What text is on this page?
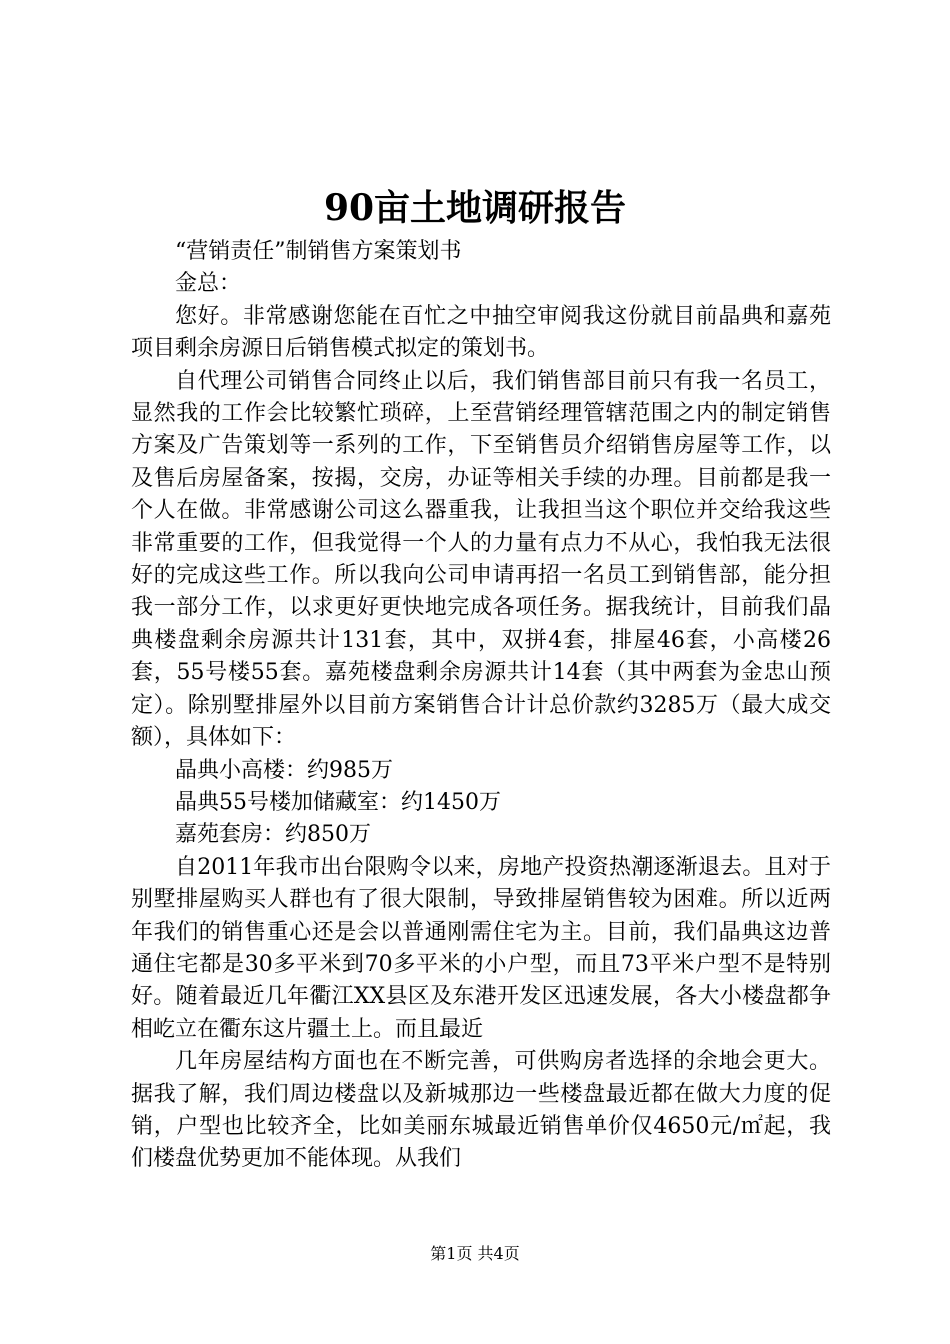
90亩土地调研报告

“营销责任”制销售方案策划书

金总：

您好。非常感谢您能在百忙之中抽空审阅我这份就目前晶典和嘉苑项目剩余房源日后销售模式拟定的策划书。

自代理公司销售合同终止以后，我们销售部目前只有我一名员工，显然我的工作会比较繁忙琐碎，上至营销经理管辖范围之内的制定销售方案及广告策划等一系列的工作，下至销售员介绍销售房屋等工作，以及售后房屋备案，按揭，交房，办证等相关手续的办理。目前都是我一个人在做。非常感谢公司这么器重我，让我担当这个职位并交给我这些非常重要的工作，但我觉得一个人的力量有点力不从心，我怕我无法很好的完成这些工作。所以我向公司申请再招一名员工到销售部，能分担我一部分工作，以求更好更快地完成各项任务。据我统计，目前我们晶典楼盘剩余房源共计131套，其中，双拼4套，排屋46套，小高楼26套，55号楼55套。嘉苑楼盘剩余房源共计14套（其中两套为金忠山预定）。除别墅排屋外以目前方案销售合计计总价款约3285万（最大成交额），具体如下：

晶典小高楼：约985万

晶典55号楼加储藏室：约1450万

嘉苑套房：约850万

自2011年我市出台限购令以来，房地产投资热潮逐渐退去。且对于别墅排屋购买人群也有了很大限制，导致排屋销售较为困难。所以近两年我们的销售重心还是会以普通刚需住宅为主。目前，我们晶典这边普通住宅都是30多平米到70多平米的小户型，而且73平米户型不是特别好。随着最近几年衢江XX县区及东港开发区迅速发展，各大小楼盘都争相屹立在衢东这片疆土上。而且最近

几年房屋结构方面也在不断完善，可供购房者选择的余地会更大。据我了解，我们周边楼盘以及新城那边一些楼盘最近都在做大力度的促销，户型也比较齐全，比如美丽东城最近销售单价仅4650元/㎡起，我们楼盘优势更加不能体现。从我们

第1页 共4页
